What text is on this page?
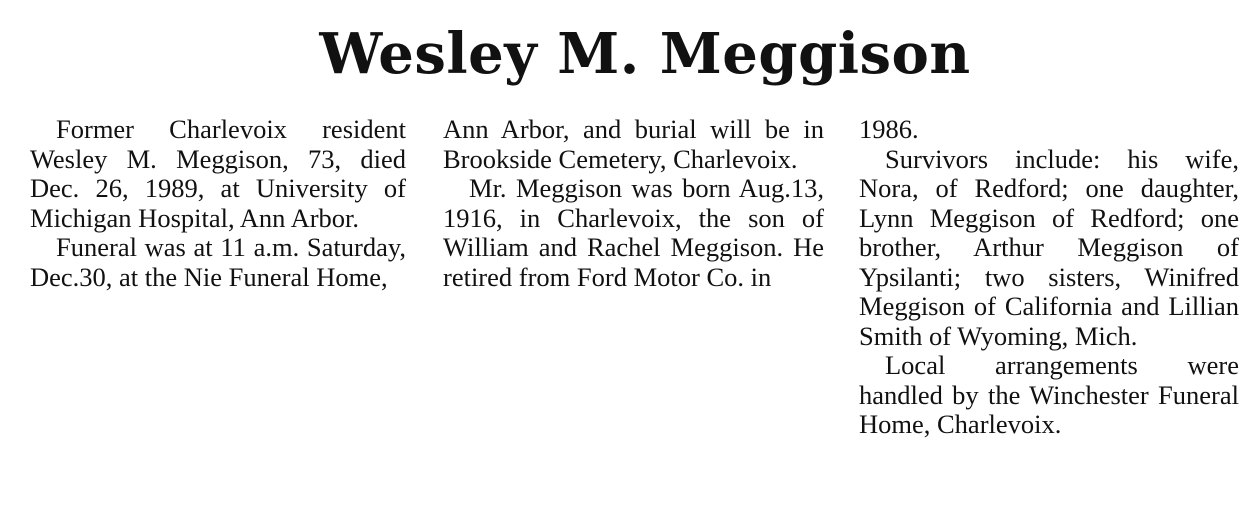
Wesley M. Meggison

Former Charlevoix resident Wesley M. Meggison, 73, died Dec. 26, 1989, at University of Michigan Hospital, Ann Arbor.

Funeral was at 11 a.m. Saturday, Dec.30, at the Nie Funeral Home,

Ann Arbor, and burial will be in Brookside Cemetery, Charlevoix.

Mr. Meggison was born Aug.13, 1916, in Charlevoix, the son of William and Rachel Meggison. He retired from Ford Motor Co. in

1986.

Survivors include: his wife, Nora, of Redford; one daughter, Lynn Meggison of Redford; one brother, Arthur Meggison of Ypsilanti; two sisters, Winifred Meggison of California and Lillian Smith of Wyoming, Mich.

Local arrangements were handled by the Winchester Funeral Home, Charlevoix.
